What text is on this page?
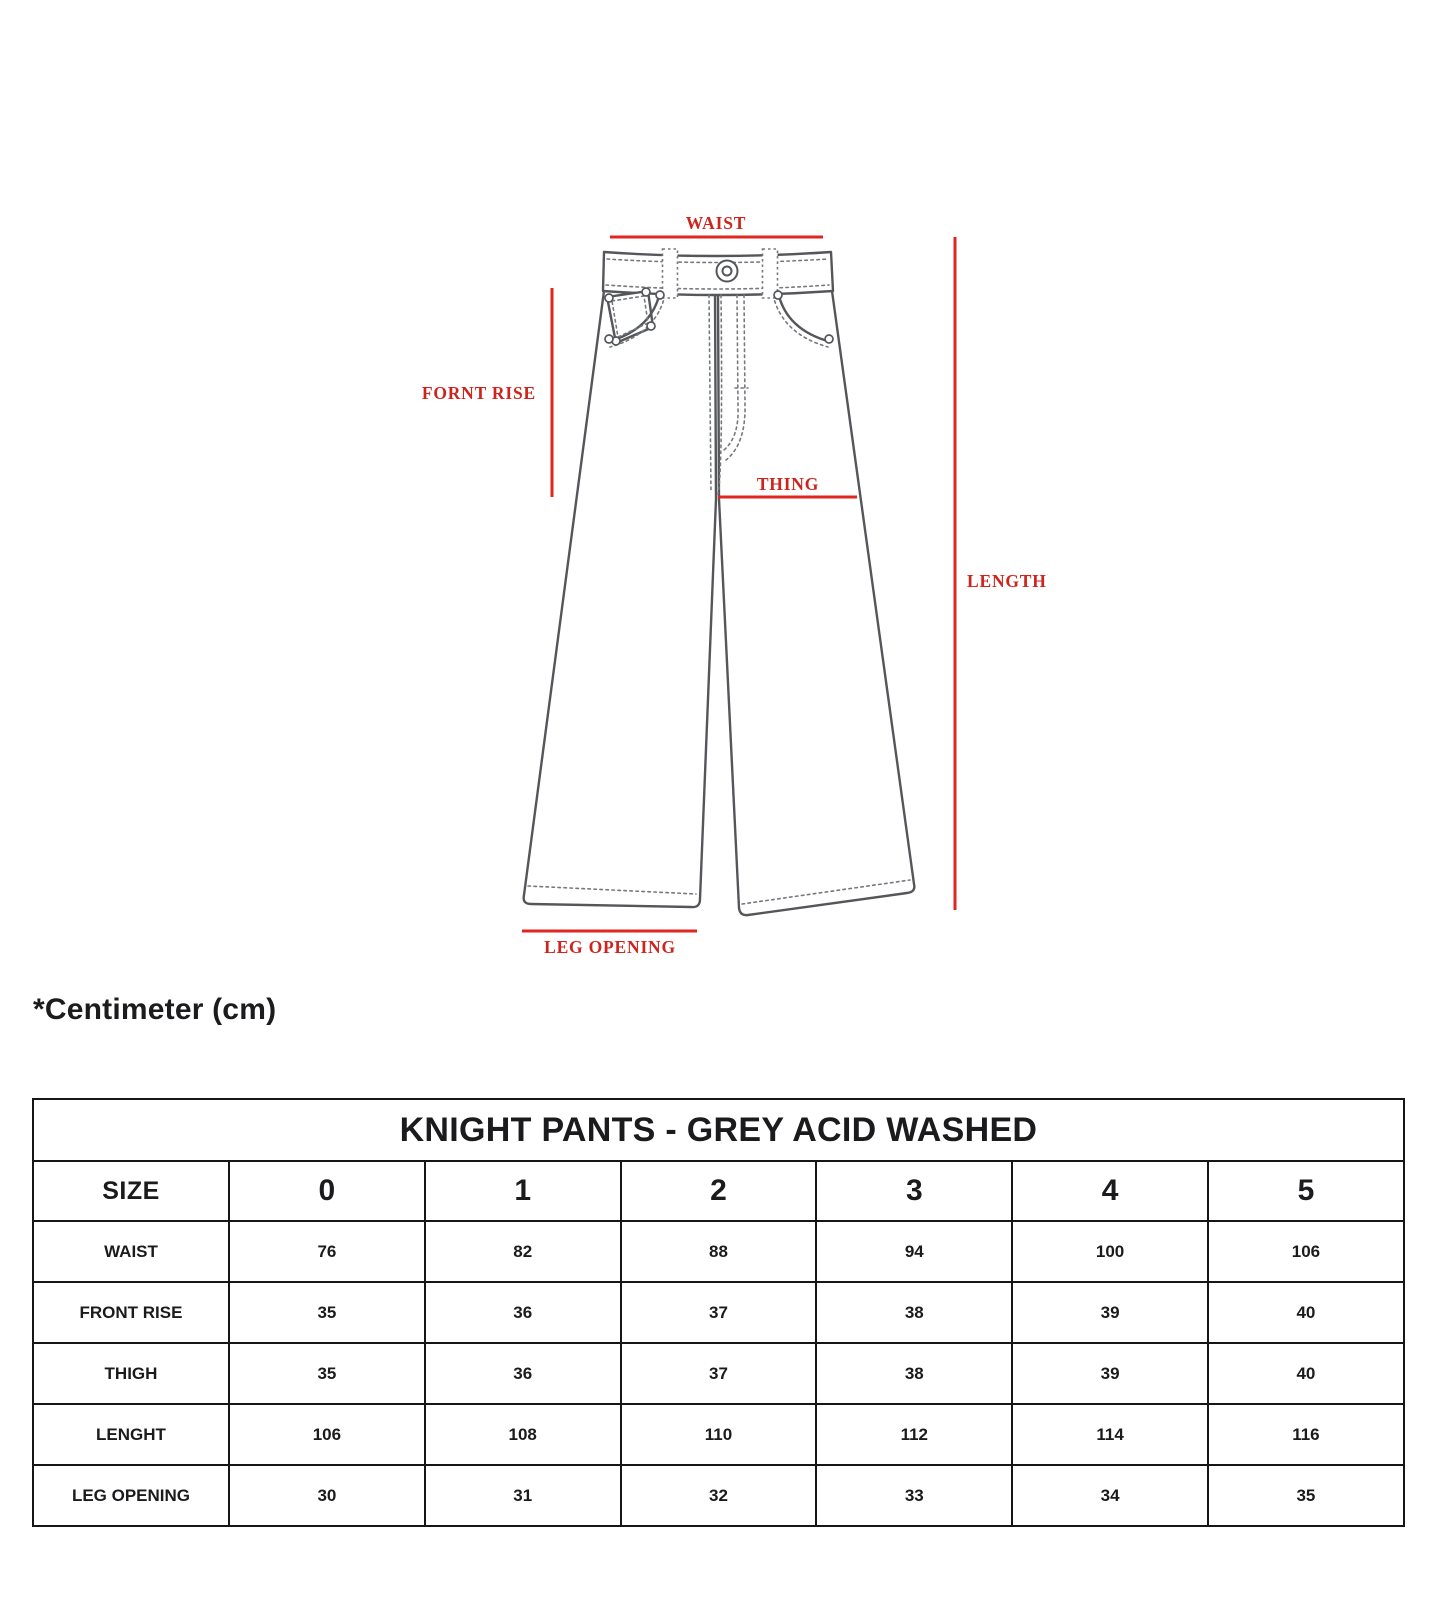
WAIST
FORNT RISE
THING
LENGTH
LEG OPENING
*Centimeter (cm)
KNIGHT PANTS - GREY ACID WASHED						
SIZE	0	1	2	3	4	5
WAIST	76	82	88	94	100	106
FRONT RISE	35	36	37	38	39	40
THIGH	35	36	37	38	39	40
LENGHT	106	108	110	112	114	116
LEG OPENING	30	31	32	33	34	35
